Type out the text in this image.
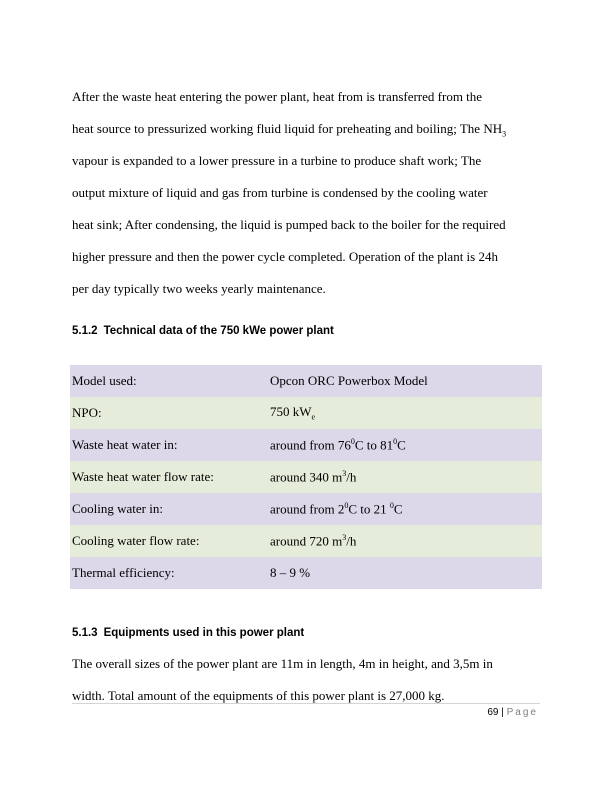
After the waste heat entering the power plant, heat from is transferred from the
heat source to pressurized working fluid liquid for preheating and boiling; The $NH_3$
vapour is expanded to a lower pressure in a turbine to produce shaft work; The
output mixture of liquid and gas from turbine is condensed by the cooling water
heat sink; After condensing, the liquid is pumped back to the boiler for the required
higher pressure and then the power cycle completed. Operation of the plant is 24h
per day typically two weeks yearly maintenance.
5.1.2 Technical data of the 750 kWe power plant
Model used:	Opcon ORC Powerbox Model
NPO:	750 $kW_e$
Waste heat water in:	around from $76^0C$ to $81^0C$
Waste heat water flow rate:	around 340 $m^3/h$
Cooling water in:	around from $2^0C$ to 21 $^0$C
Cooling water flow rate:	around 720 $m^3/h$
Thermal efficiency:	8 – 9 %
5.1.3 Equipments used in this power plant
The overall sizes of the power plant are 11m in length, 4m in height, and 3,5m in
width. Total amount of the equipments of this power plant is 27,000 kg.
69 | Page
